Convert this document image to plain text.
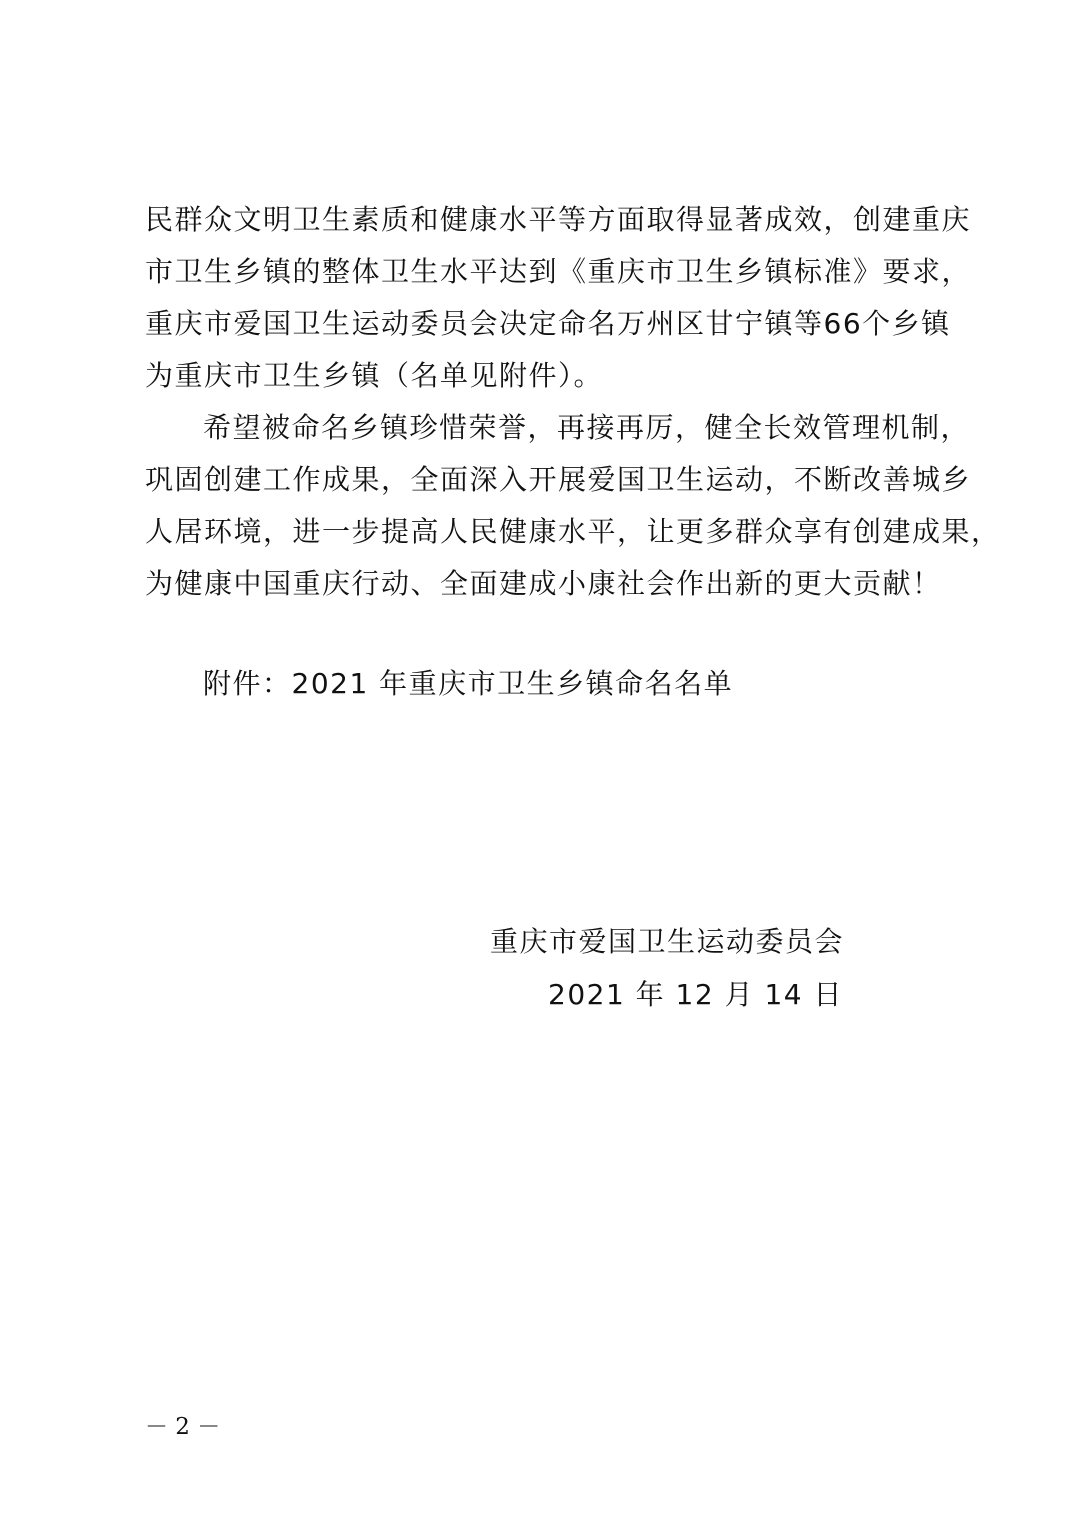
民群众文明卫生素质和健康水平等方面取得显著成效，创建重庆
市卫生乡镇的整体卫生水平达到《重庆市卫生乡镇标准》要求，
重庆市爱国卫生运动委员会决定命名万州区甘宁镇等66个乡镇
为重庆市卫生乡镇（名单见附件）。
希望被命名乡镇珍惜荣誉，再接再厉，健全长效管理机制，
巩固创建工作成果，全面深入开展爱国卫生运动，不断改善城乡
人居环境，进一步提高人民健康水平，让更多群众享有创建成果，
为健康中国重庆行动、全面建成小康社会作出新的更大贡献！
附件：2021 年重庆市卫生乡镇命名名单
重庆市爱国卫生运动委员会
2021 年 12 月 14 日
－ 2 －
